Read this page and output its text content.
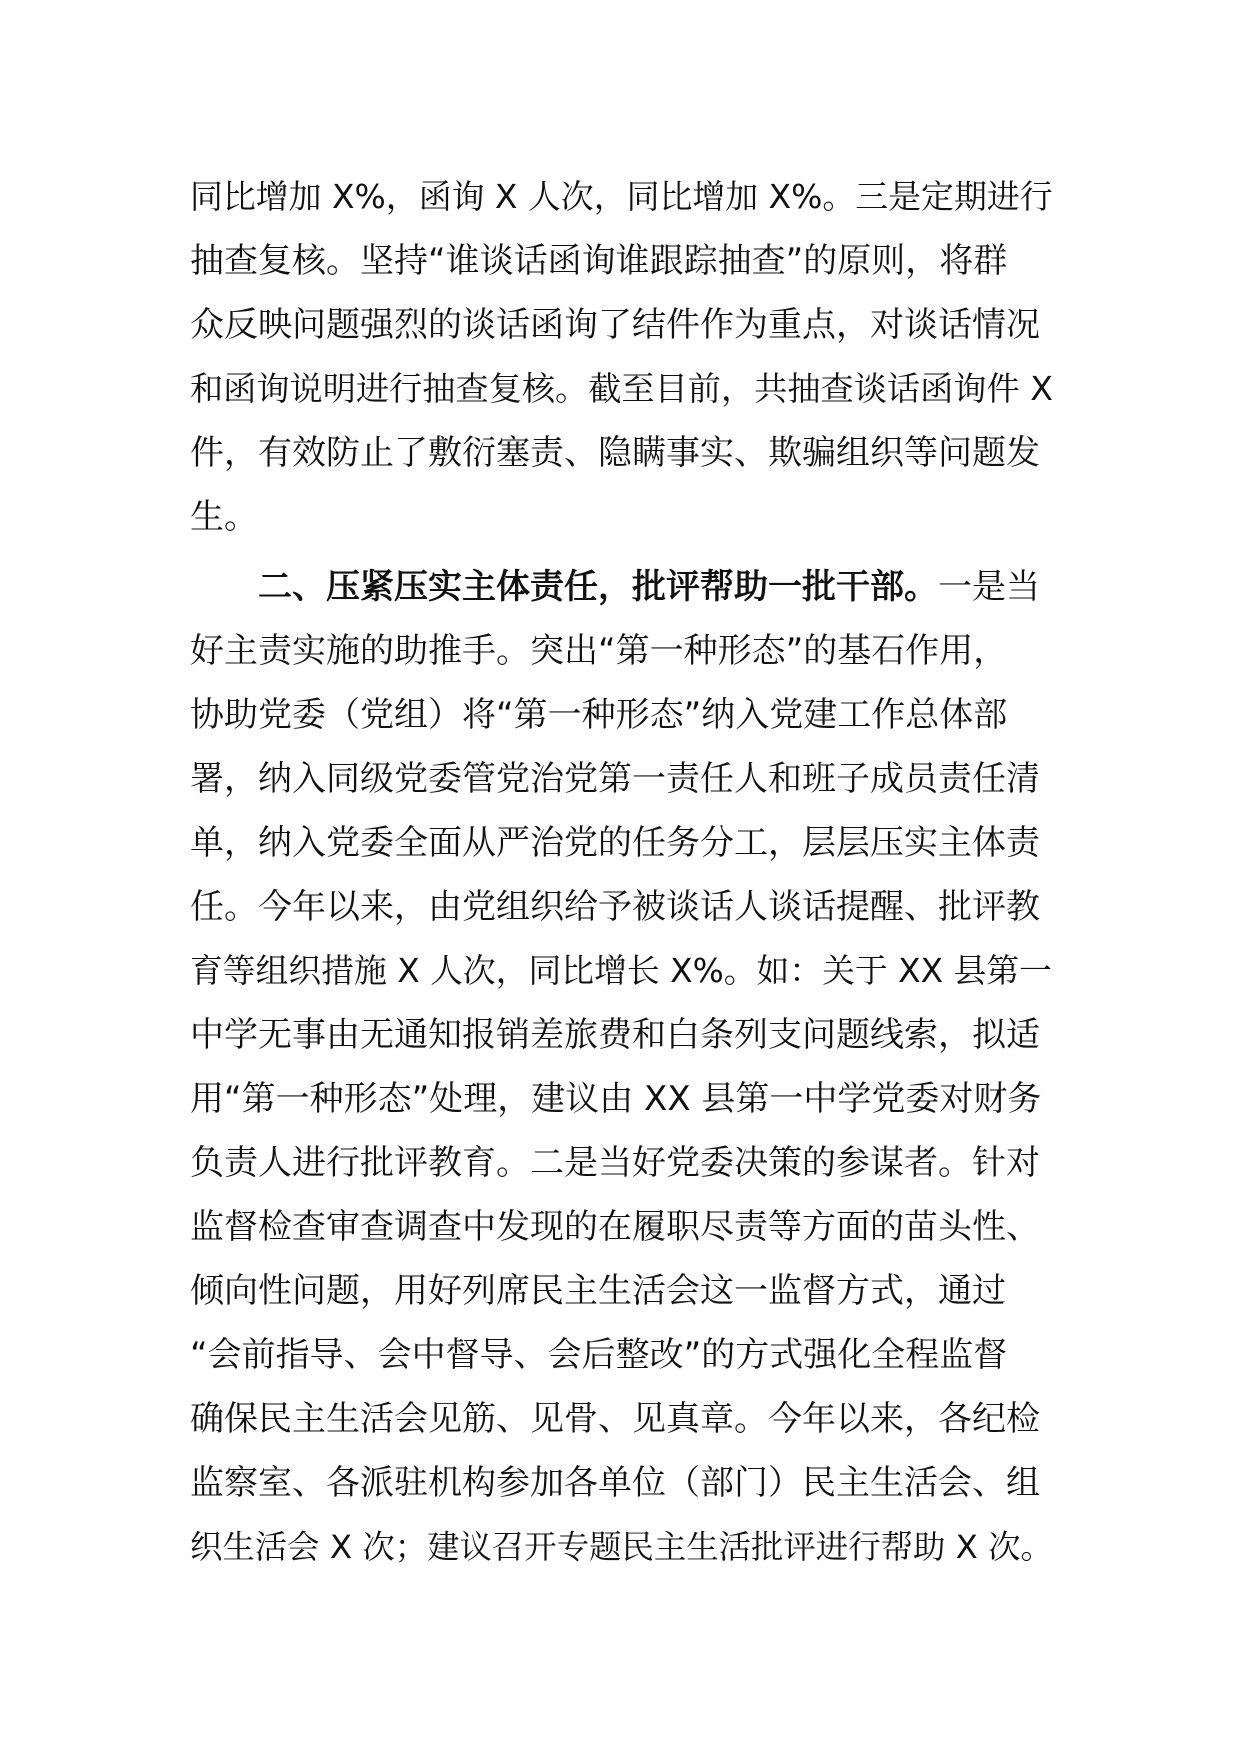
同比增加 X%，函询 X 人次，同比增加 X%。三是定期进行
抽查复核。坚持“谁谈话函询谁跟踪抽查”的原则，将群
众反映问题强烈的谈话函询了结件作为重点，对谈话情况
和函询说明进行抽查复核。截至目前，共抽查谈话函询件 X
件，有效防止了敷衍塞责、隐瞒事实、欺骗组织等问题发
生。
二、压紧压实主体责任，批评帮助一批干部。一是当
好主责实施的助推手。突出“第一种形态”的基石作用，
协助党委（党组）将“第一种形态”纳入党建工作总体部
署，纳入同级党委管党治党第一责任人和班子成员责任清
单，纳入党委全面从严治党的任务分工，层层压实主体责
任。今年以来，由党组织给予被谈话人谈话提醒、批评教
育等组织措施 X 人次，同比增长 X%。如：关于 XX 县第一
中学无事由无通知报销差旅费和白条列支问题线索，拟适
用“第一种形态”处理，建议由 XX 县第一中学党委对财务
负责人进行批评教育。二是当好党委决策的参谋者。针对
监督检查审查调查中发现的在履职尽责等方面的苗头性、
倾向性问题，用好列席民主生活会这一监督方式，通过
“会前指导、会中督导、会后整改”的方式强化全程监督
确保民主生活会见筋、见骨、见真章。今年以来，各纪检
监察室、各派驻机构参加各单位（部门）民主生活会、组
织生活会 X 次；建议召开专题民主生活批评进行帮助 X 次。
